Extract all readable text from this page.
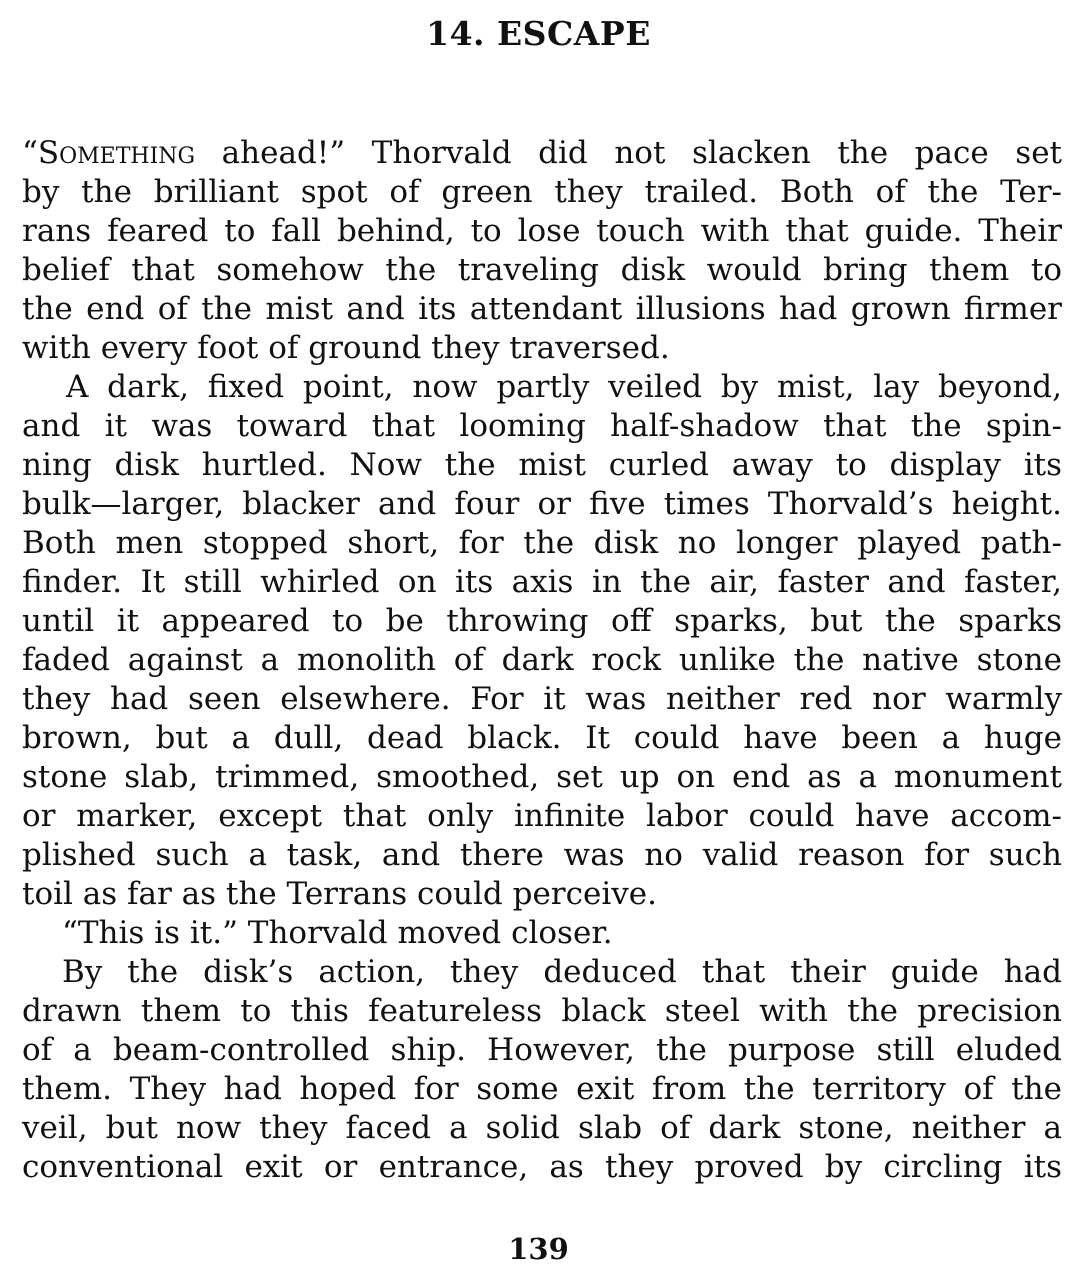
14. ESCAPE
“Something ahead!” Thorvald did not slacken the pace set
by the brilliant spot of green they trailed. Both of the Ter-
rans feared to fall behind, to lose touch with that guide. Their
belief that somehow the traveling disk would bring them to
the end of the mist and its attendant illusions had grown firmer
with every foot of ground they traversed.
A dark, fixed point, now partly veiled by mist, lay beyond,
and it was toward that looming half-shadow that the spin-
ning disk hurtled. Now the mist curled away to display its
bulk—larger, blacker and four or five times Thorvald’s height.
Both men stopped short, for the disk no longer played path-
finder. It still whirled on its axis in the air, faster and faster,
until it appeared to be throwing off sparks, but the sparks
faded against a monolith of dark rock unlike the native stone
they had seen elsewhere. For it was neither red nor warmly
brown, but a dull, dead black. It could have been a huge
stone slab, trimmed, smoothed, set up on end as a monument
or marker, except that only infinite labor could have accom-
plished such a task, and there was no valid reason for such
toil as far as the Terrans could perceive.
“This is it.” Thorvald moved closer.
By the disk’s action, they deduced that their guide had
drawn them to this featureless black steel with the precision
of a beam-controlled ship. However, the purpose still eluded
them. They had hoped for some exit from the territory of the
veil, but now they faced a solid slab of dark stone, neither a
conventional exit or entrance, as they proved by circling its
139
